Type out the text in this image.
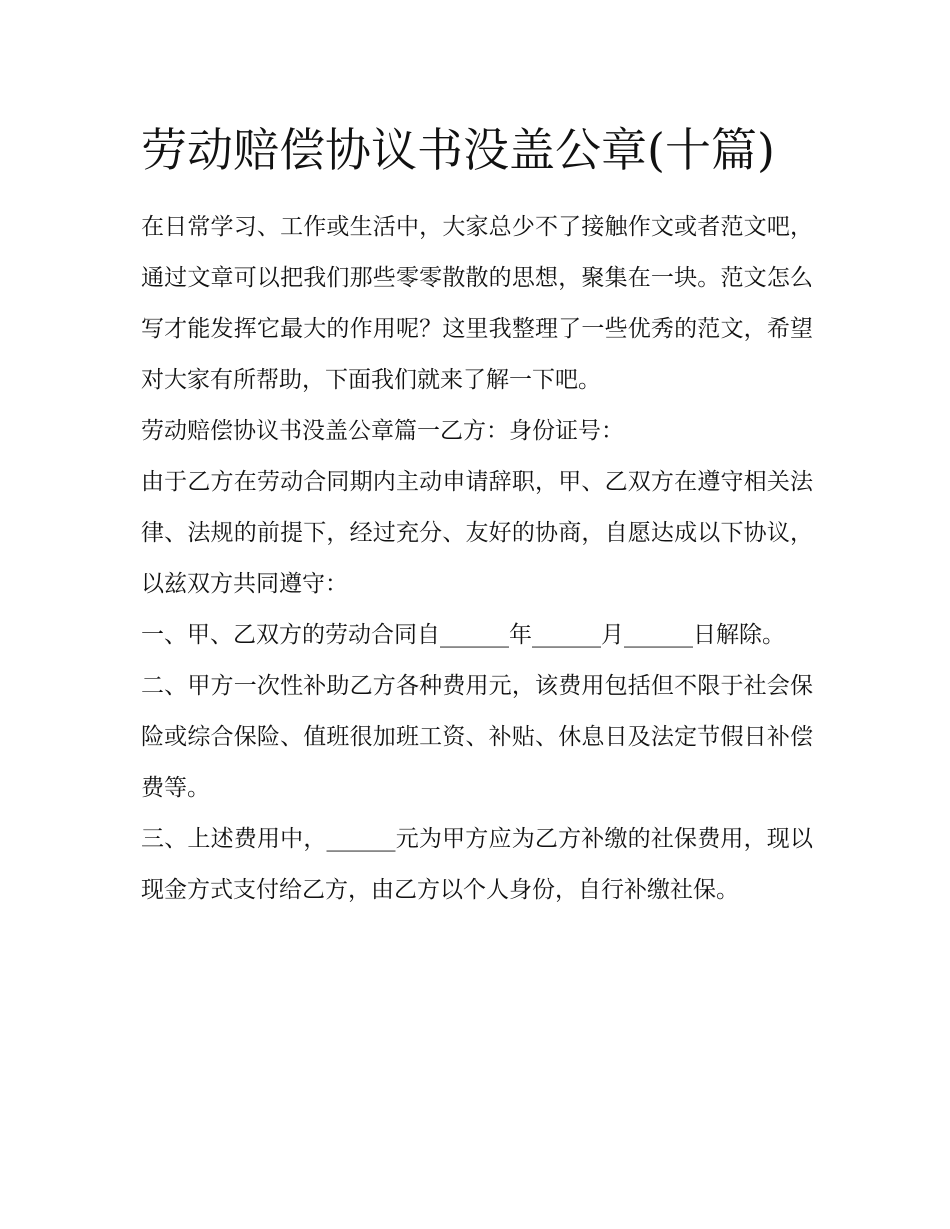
劳动赔偿协议书没盖公章(十篇)

在日常学习、工作或生活中，大家总少不了接触作文或者范文吧，通过文章可以把我们那些零零散散的思想，聚集在一块。范文怎么写才能发挥它最大的作用呢？这里我整理了一些优秀的范文，希望对大家有所帮助，下面我们就来了解一下吧。

劳动赔偿协议书没盖公章篇一乙方：身份证号：

由于乙方在劳动合同期内主动申请辞职，甲、乙双方在遵守相关法律、法规的前提下，经过充分、友好的协商，自愿达成以下协议，以兹双方共同遵守：

一、甲、乙双方的劳动合同自______年______月______日解除。

二、甲方一次性补助乙方各种费用元，该费用包括但不限于社会保险或综合保险、值班很加班工资、补贴、休息日及法定节假日补偿费等。

三、上述费用中，______元为甲方应为乙方补缴的社保费用，现以现金方式支付给乙方，由乙方以个人身份，自行补缴社保。
